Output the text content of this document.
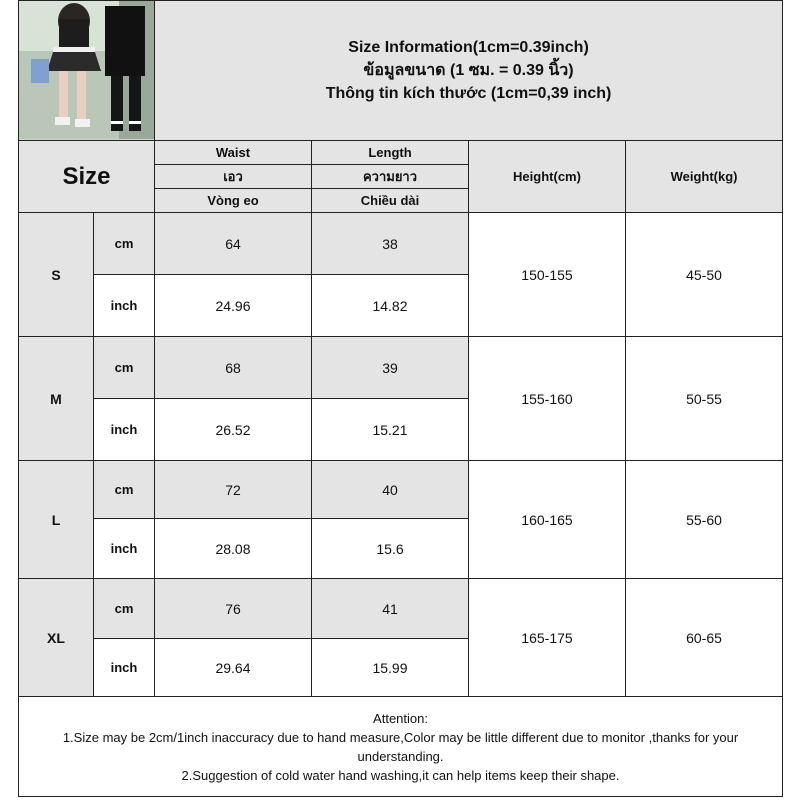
Size Information(1cm=0.39inch)
ข้อมูลขนาด (1 ซม. = 0.39 นิ้ว)
Thông tin kích thước (1cm=0,39 inch)			

Size		Waist	Length	Height(cm)	Weight(kg)
		เอว	ความยาว		
		Vòng eo	Chiều dài		
S	cm	64	38	150-155	45-50
	inch	24.96	14.82		
M	cm	68	39	155-160	50-55
	inch	26.52	15.21		
L	cm	72	40	160-165	55-60
	inch	28.08	15.6		
XL	cm	76	41	165-175	60-65
	inch	29.64	15.99		

Attention:
1.Size may be 2cm/1inch inaccuracy due to hand measure,Color may be little different due to monitor ,thanks for your understanding.
2.Suggestion of cold water hand washing,it can help items keep their shape.					
